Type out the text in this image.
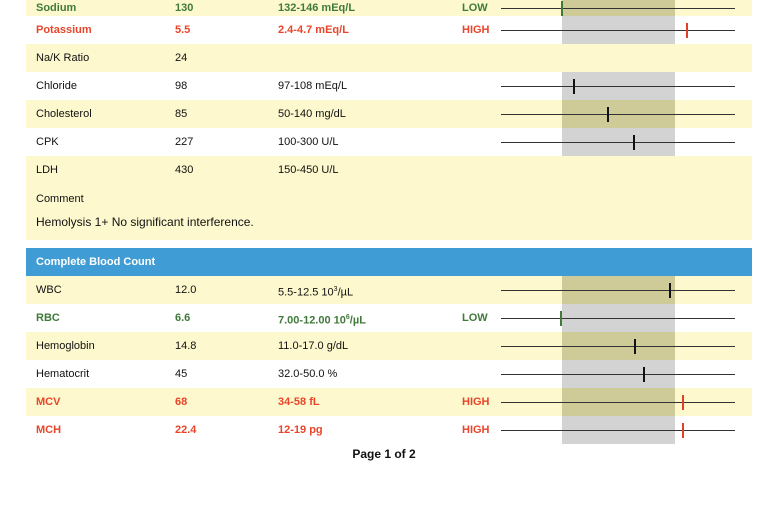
Sodium	130	132-146 mEq/L	LOW
Potassium	5.5	2.4-4.7 mEq/L	HIGH
Na/K Ratio	24
Chloride	98	97-108 mEq/L
Cholesterol	85	50-140 mg/dL
CPK	227	100-300 U/L
LDH	430	150-450 U/L
Comment
Hemolysis 1+ No significant interference.
Complete Blood Count
WBC	12.0	5.5-12.5 $10^3/\mu L$
RBC	6.6	7.00-12.00 $10^6/\mu L$	LOW
Hemoglobin	14.8	11.0-17.0 g/dL
Hematocrit	45	32.0-50.0 %
MCV	68	34-58 fL	HIGH
MCH	22.4	12-19 pg	HIGH
Page 1 of 2
